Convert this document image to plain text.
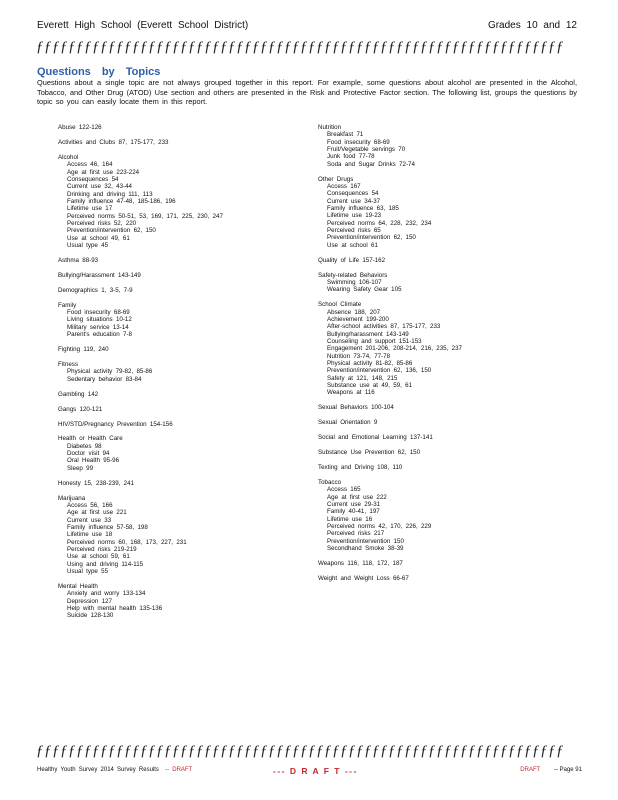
Everett High School (Everett School District)	Grades 10 and 12
ƒƒƒƒƒƒƒƒƒƒƒƒƒƒƒƒƒƒƒƒƒƒƒƒƒƒƒƒƒƒƒƒƒƒƒƒƒƒƒƒƒƒƒƒƒƒƒƒƒƒƒƒƒƒƒƒƒƒƒƒƒƒƒƒƒƒ
Questions by Topics
Questions about a single topic are not always grouped together in this report. For example, some questions about alcohol are presented in the Alcohol, Tobacco, and Other Drug (ATOD) Use section and others are presented in the Risk and Protective Factor section. The following list, groups the questions by topic so you can easily locate them in this report.
Abuse 122-126
Activities and Clubs 87, 175-177, 233
Alcohol
Access 46, 164
Age at first use 223-224
Consequences 54
Current use 32, 43-44
Drinking and driving 111, 113
Family influence 47-48, 185-186, 196
Lifetime use 17
Perceived norms 50-51, 53, 169, 171, 225, 230, 247
Perceived risks 52, 220
Prevention/intervention 62, 150
Use at school 49, 61
Usual type 45
Asthma 88-93
Bullying/Harassment 143-149
Demographics 1, 3-5, 7-9
Family
Food insecurity 68-69
Living situations 10-12
Military service 13-14
Parent's education 7-8
Fighting 119, 240
Fitness
Physical activity 79-82, 85-86
Sedentary behavior 83-84
Gambling 142
Gangs 120-121
HIV/STD/Pregnancy Prevention 154-156
Health or Health Care
Diabetes 98
Doctor visit 94
Oral Health 95-96
Sleep 99
Honesty 15, 238-239, 241
Marijuana
Access 56, 166
Age at first use 221
Current use 33
Family influence 57-58, 198
Lifetime use 18
Perceived norms 60, 168, 173, 227, 231
Perceived risks 219-219
Use at school 59, 61
Using and driving 114-115
Usual type 55
Mental Health
Anxiety and worry 133-134
Depression 127
Help with mental health 135-136
Suicide 128-130
Nutrition
Breakfast 71
Food insecurity 68-69
Fruit/Vegetable servings 70
Junk food 77-78
Soda and Sugar Drinks 72-74
Other Drugs
Access 167
Consequences 54
Current use 34-37
Family influence 63, 185
Lifetime use 19-23
Perceived norms 64, 228, 232, 234
Perceived risks 65
Prevention/intervention 62, 150
Use at school 61
Quality of Life 157-162
Safety-related Behaviors
Swimming 106-107
Wearing Safety Gear 105
School Climate
Absence 188, 207
Achievement 199-200
After-school activities 87, 175-177, 233
Bullying/harassment 143-149
Counseling and support 151-153
Engagement 201-206, 208-214, 216, 235, 237
Nutrition 73-74, 77-78
Physical activity 81-82, 85-86
Prevention/intervention 62, 136, 150
Safety at 121, 148, 215
Substance use at 49, 59, 61
Weapons at 116
Sexual Behaviors 100-104
Sexual Orientation 9
Social and Emotional Learning 137-141
Substance Use Prevention 62, 150
Texting and Driving 108, 110
Tobacco
Access 165
Age at first use 222
Current use 29-31
Family 40-41, 197
Lifetime use 16
Perceived norms 42, 170, 226, 229
Perceived risks 217
Prevention/intervention 150
Secondhand Smoke 38-39
Weapons 116, 118, 172, 187
Weight and Weight Loss 66-67
ƒƒƒƒƒƒƒƒƒƒƒƒƒƒƒƒƒƒƒƒƒƒƒƒƒƒƒƒƒƒƒƒƒƒƒƒƒƒƒƒƒƒƒƒƒƒƒƒƒƒƒƒƒƒƒƒƒƒƒƒƒƒƒƒƒƒ
Healthy Youth Survey 2014 Survey Results -- DRAFT	--- D R A F T ---	DRAFT -- Page 91
